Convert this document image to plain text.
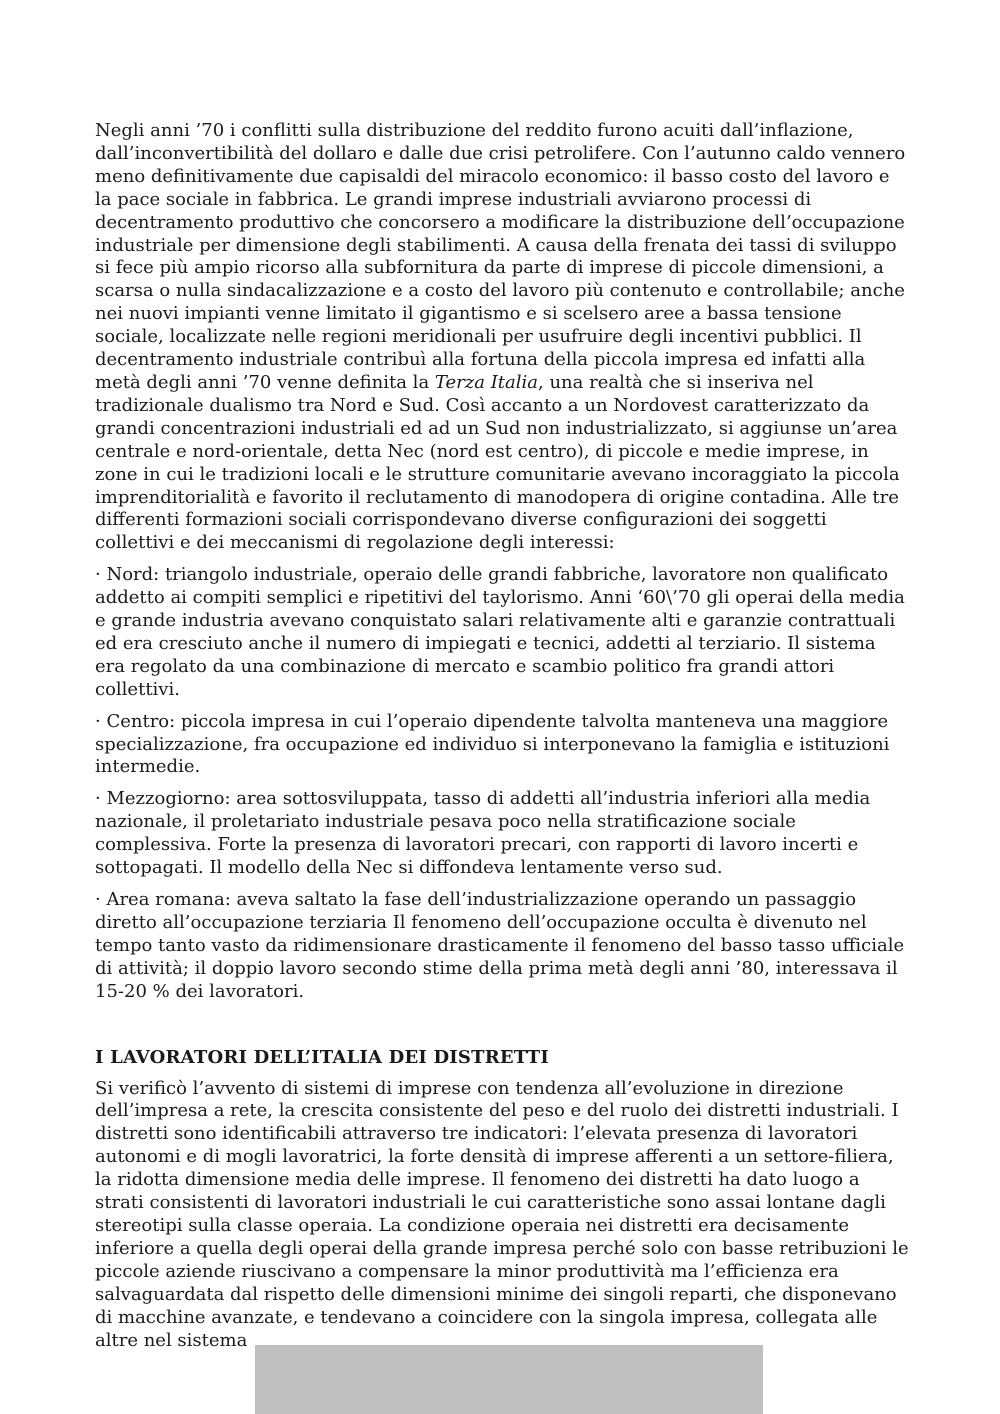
Negli anni ’70 i conflitti sulla distribuzione del reddito furono acuiti dall’inflazione, dall’inconvertibilità del dollaro e dalle due crisi petrolifere. Con l’autunno caldo vennero meno definitivamente due capisaldi del miracolo economico: il basso costo del lavoro e la pace sociale in fabbrica. Le grandi imprese industriali avviarono processi di decentramento produttivo che concorsero a modificare la distribuzione dell’occupazione industriale per dimensione degli stabilimenti. A causa della frenata dei tassi di sviluppo si fece più ampio ricorso alla subfornitura da parte di imprese di piccole dimensioni, a scarsa o nulla sindacalizzazione e a costo del lavoro più contenuto e controllabile; anche nei nuovi impianti venne limitato il gigantismo e si scelsero aree a bassa tensione sociale, localizzate nelle regioni meridionali per usufruire degli incentivi pubblici. Il decentramento industriale contribuì alla fortuna della piccola impresa ed infatti alla metà degli anni ’70 venne definita la Terza Italia, una realtà che si inseriva nel tradizionale dualismo tra Nord e Sud. Così accanto a un Nordovest caratterizzato da grandi concentrazioni industriali ed ad un Sud non industrializzato, si aggiunse un’area centrale e nord-orientale, detta Nec (nord est centro), di piccole e medie imprese, in zone in cui le tradizioni locali e le strutture comunitarie avevano incoraggiato la piccola imprenditorialità e favorito il reclutamento di manodopera di origine contadina. Alle tre differenti formazioni sociali corrispondevano diverse configurazioni dei soggetti collettivi e dei meccanismi di regolazione degli interessi:

· Nord: triangolo industriale, operaio delle grandi fabbriche, lavoratore non qualificato addetto ai compiti semplici e ripetitivi del taylorismo. Anni ‘60\’70 gli operai della media e grande industria avevano conquistato salari relativamente alti e garanzie contrattuali ed era cresciuto anche il numero di impiegati e tecnici, addetti al terziario. Il sistema era regolato da una combinazione di mercato e scambio politico fra grandi attori collettivi.

· Centro: piccola impresa in cui l’operaio dipendente talvolta manteneva una maggiore specializzazione, fra occupazione ed individuo si interponevano la famiglia e istituzioni intermedie.

· Mezzogiorno: area sottosviluppata, tasso di addetti all’industria inferiori alla media nazionale, il proletariato industriale pesava poco nella stratificazione sociale complessiva. Forte la presenza di lavoratori precari, con rapporti di lavoro incerti e sottopagati. Il modello della Nec si diffondeva lentamente verso sud.

· Area romana: aveva saltato la fase dell’industrializzazione operando un passaggio diretto all’occupazione terziaria Il fenomeno dell’occupazione occulta è divenuto nel tempo tanto vasto da ridimensionare drasticamente il fenomeno del basso tasso ufficiale di attività; il doppio lavoro secondo stime della prima metà degli anni ’80, interessava il 15-20 % dei lavoratori.

I LAVORATORI DELL’ITALIA DEI DISTRETTI

Si verificò l’avvento di sistemi di imprese con tendenza all’evoluzione in direzione dell’impresa a rete, la crescita consistente del peso e del ruolo dei distretti industriali. I distretti sono identificabili attraverso tre indicatori: l’elevata presenza di lavoratori autonomi e di mogli lavoratrici, la forte densità di imprese afferenti a un settore-filiera, la ridotta dimensione media delle imprese. Il fenomeno dei distretti ha dato luogo a strati consistenti di lavoratori industriali le cui caratteristiche sono assai lontane dagli stereotipi sulla classe operaia. La condizione operaia nei distretti era decisamente inferiore a quella degli operai della grande impresa perché solo con basse retribuzioni le piccole aziende riuscivano a compensare la minor produttività ma l’efficienza era salvaguardata dal rispetto delle dimensioni minime dei singoli reparti, che disponevano di macchine avanzate, e tendevano a coincidere con la singola impresa, collegata alle altre nel sistema
